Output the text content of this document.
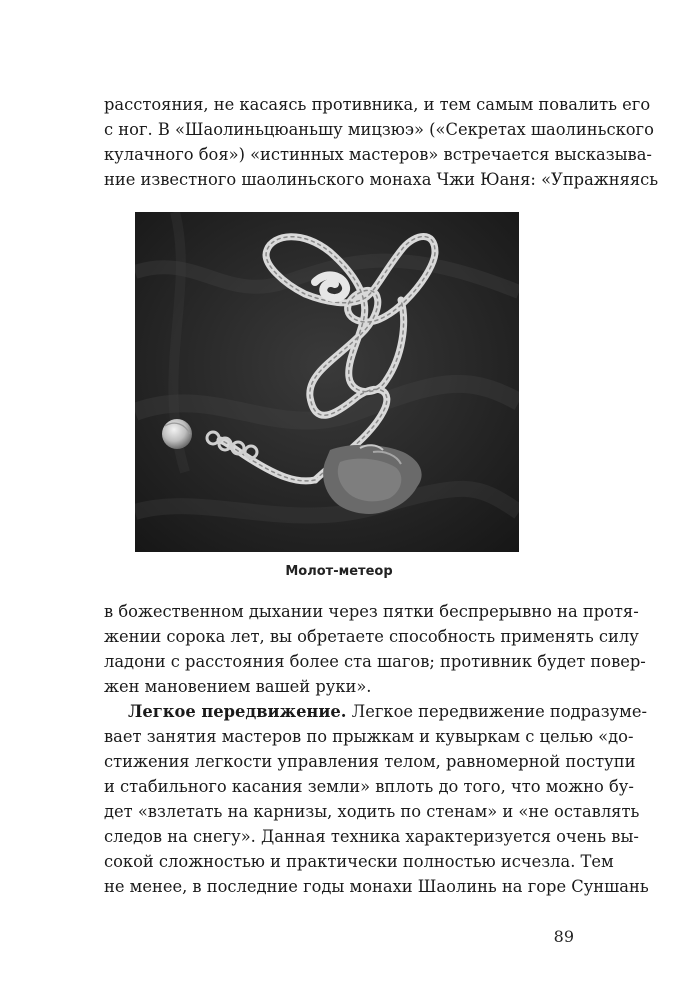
расстояния, не касаясь противника, и тем самым повалить его
с ног. В «Шаолиньцюаньшу мицзюэ» («Секретах шаолиньского
кулачного боя») «истинных мастеров» встречается высказыва-
ние известного шаолиньского монаха Чжи Юаня: «Упражняясь
Молот-метеор
в божественном дыхании через пятки беспрерывно на протя-
жении сорока лет, вы обретаете способность применять силу
ладони с расстояния более ста шагов; противник будет повер-
жен мановением вашей руки».
Легкое передвижение. Легкое передвижение подразуме-
вает занятия мастеров по прыжкам и кувыркам с целью «до-
стижения легкости управления телом, равномерной поступи
и стабильного касания земли» вплоть до того, что можно бу-
дет «взлетать на карнизы, ходить по стенам» и «не оставлять
следов на снегу». Данная техника характеризуется очень вы-
сокой сложностью и практически полностью исчезла. Тем
не менее, в последние годы монахи Шаолинь на горе Суншань
89
